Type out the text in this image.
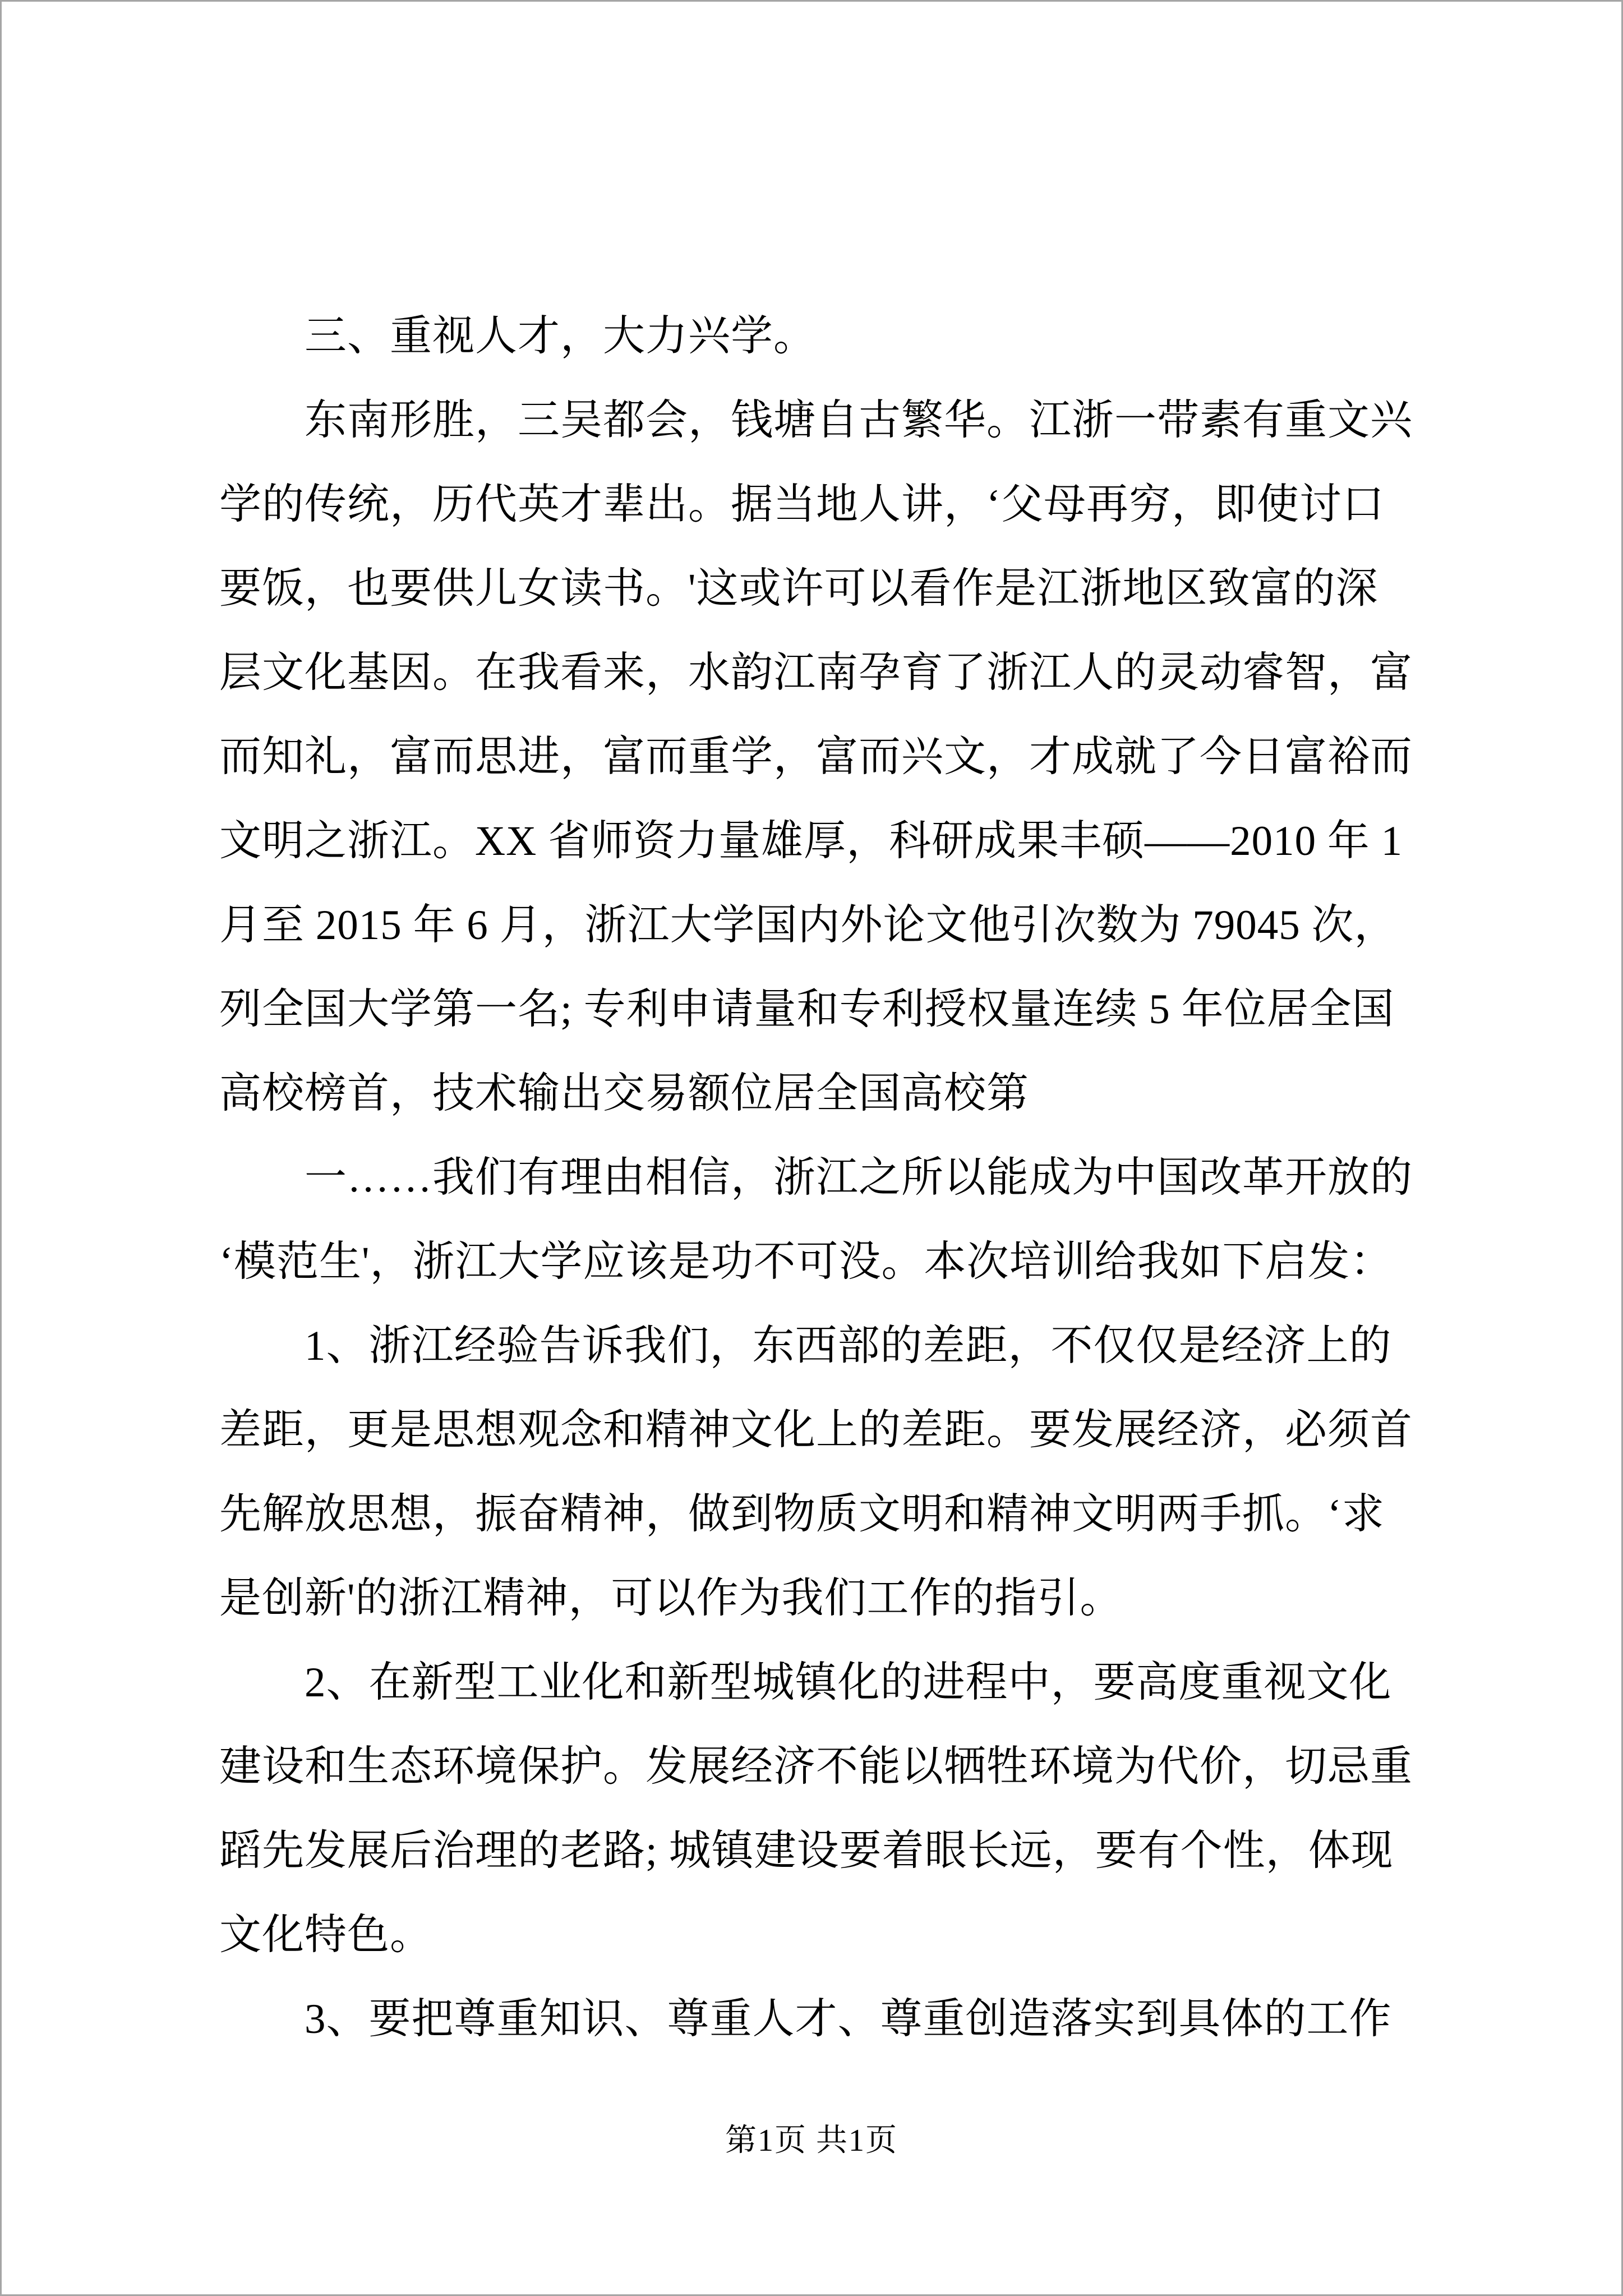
三、重视人才，大力兴学。
东南形胜，三吴都会，钱塘自古繁华。江浙一带素有重文兴
学的传统，历代英才辈出。据当地人讲，‘父母再穷，即使讨口
要饭，也要供儿女读书。'这或许可以看作是江浙地区致富的深
层文化基因。在我看来，水韵江南孕育了浙江人的灵动睿智，富
而知礼，富而思进，富而重学，富而兴文，才成就了今日富裕而
文明之浙江。XX 省师资力量雄厚，科研成果丰硕——2010 年 1
月至 2015 年 6 月，浙江大学国内外论文他引次数为 79045 次，
列全国大学第一名; 专利申请量和专利授权量连续 5 年位居全国
高校榜首，技术输出交易额位居全国高校第
一……我们有理由相信，浙江之所以能成为中国改革开放的
‘模范生'，浙江大学应该是功不可没。本次培训给我如下启发：
1、浙江经验告诉我们，东西部的差距，不仅仅是经济上的
差距，更是思想观念和精神文化上的差距。要发展经济，必须首
先解放思想，振奋精神，做到物质文明和精神文明两手抓。‘求
是创新'的浙江精神，可以作为我们工作的指引。
2、在新型工业化和新型城镇化的进程中，要高度重视文化
建设和生态环境保护。发展经济不能以牺牲环境为代价，切忌重
蹈先发展后治理的老路; 城镇建设要着眼长远，要有个性，体现
文化特色。
3、要把尊重知识、尊重人才、尊重创造落实到具体的工作
第1页 共1页
